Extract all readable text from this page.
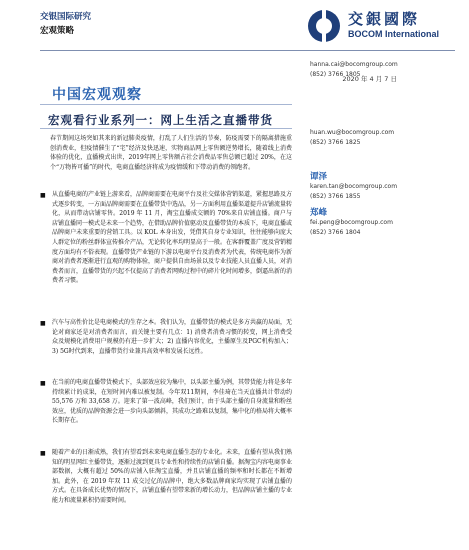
交银国际研究
宏观策略
交銀國際
BOCOM International
2020 年 4 月 7 日
中国宏观观察
宏观看行业系列一：网上生活之直播带货
春节期间这场突如其来的新冠肺炎疫情，打乱了人们生活的节奏，防疫需要下的隔离措施重创消费业，但疫情催生了“宅”经济及快迅速，实物商品网上零售额逆势增长，随着线上消费体验的优化，直播模式出世，2019年网上零售额占社会消费品零售总额已超过 20%，在这个“万物皆可播”的时代，电商直播经济将成为疫情缓和下带动消费的领跑者。
■	从直播电商的产业链上游来看，品牌商需要在电商平台及社交媒体营销渠道，紧握思路及方式逐步转变，一方面品牌商需要在直播带货中选品，另一方面利用直播渠道提升店铺流量转化，从而带动店铺零售。2019 年 11 月，淘宝直播成交额的 70%来自店铺直播。商户与店铺直播同一模式是未来一个趋势，在借助品牌价值驱动及直播带货的本质下，电商直播或品牌商户未来重要的营销工具。以 KOL 本身出发，凭借其自身专业知识，往往能够向庞大人群定位的粉丝群体宣传推介产品，无论转化率均明显高于一般。在客群覆盖广度及营销精度方面均有不俗表现。直播带货产业链的下游以电商平台及消费者为代表，传统电商作为新商对消费者逐渐进行直观的购物体验，商户提供自由场景以及专业技能人员直播人员，对消费者而言，直播带货的兴起不仅提高了消费者网购过程中的碎片化时间增多，倒逼出新的消费者习惯。
■	汽车与高性价比是电商模式的生存之本。我们认为，直播带货的模式是多方共赢的局面，无论对商家还是对消费者而言，而关键主要有几点：1) 消费者消费习惯的转变，网上消费受众及规模化消费用户规模仍有进一步扩大；2) 直播内容优化，主播原生及PGC机构加入；3) 5G时代到来，直播带货行业兼具高效率和发展长远性。
■	在当前的电商直播带货模式下，头部效应较为集中，以头部主播为例，其带货能力将是多年持续累计的成果，在短时间内难以被复制。今年双11期间，李佳琦在当天直播共计带动约 55,576 万和 33,658 万。迎来了第一波高峰，我们预计，由于头部主播的自身流量和粉丝效应，优质的品牌资源会进一步向头部倾斜，其成功之路难以复制，集中化的格局将大概率长期存在。
■	随着产业的日渐成熟，我们有望看到未来电商直播生态的专业化。未来，直播有望从我们熟知的明星网红主播带货，逐渐过渡到更具专业性和持续性的店铺自播。据淘宝内容电商事业部数据，大概有超过 50%的店铺入驻淘宝直播，并且店铺直播的频率和时长都在不断增加。此外，在 2019 年双 11 成交过亿的品牌中，绝大多数品牌商家均实现了店铺直播的方式。在具备成长优势的情况下，店铺直播有望带来新的增长动力，但品牌店铺主播的专业能力和流量累积仍需要时间。
hanna.cai@bocomgroup.com
(852) 3766 1805
huan.wu@bocomgroup.com
(852) 3766 1825
谭泽
karen.tan@bocomgroup.com
(852) 3766 1855
郑峰
fei.peng@bocomgroup.com
(852) 3766 1804
